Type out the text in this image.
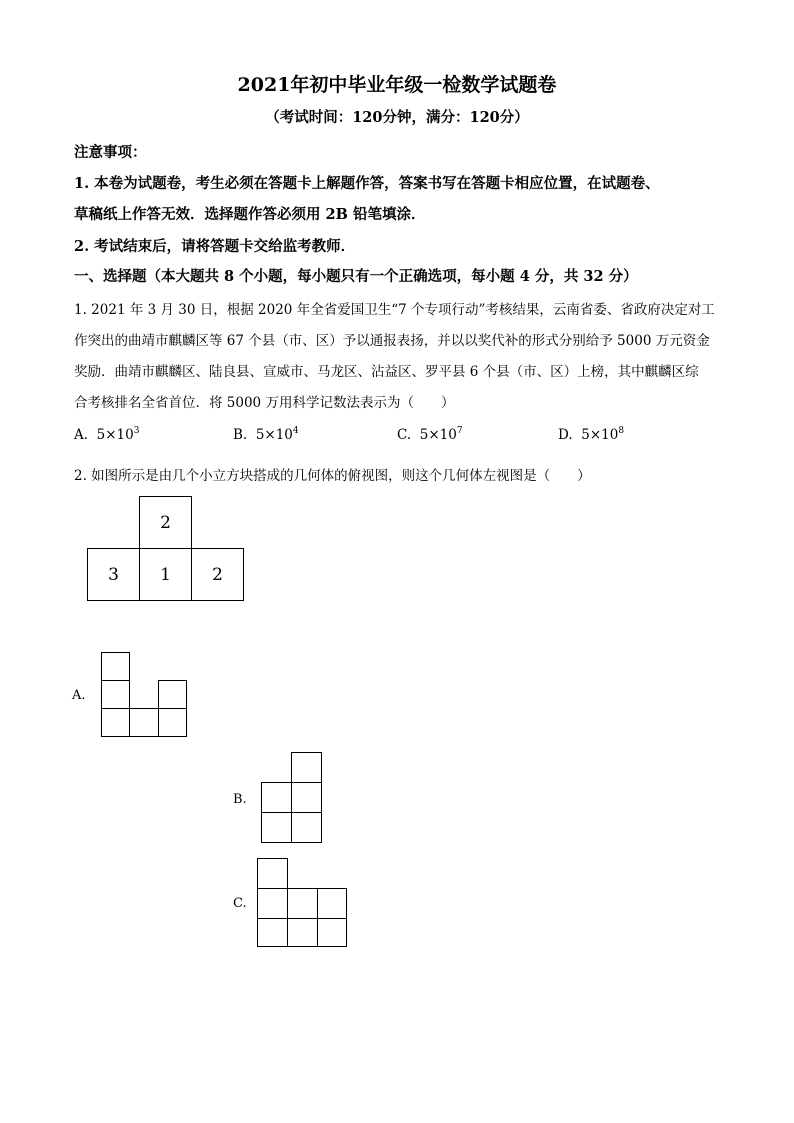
2021年初中毕业年级一检数学试题卷
（考试时间：120分钟，满分：120分）
注意事项：
1. 本卷为试题卷，考生必须在答题卡上解题作答，答案书写在答题卡相应位置，在试题卷、
草稿纸上作答无效．选择题作答必须用 2B 铅笔填涂．
2. 考试结束后，请将答题卡交给监考教师．
一、选择题（本大题共 8 个小题，每小题只有一个正确选项，每小题 4 分，共 32 分）
1. 2021 年 3 月 30 日，根据 2020 年全省爱国卫生“7 个专项行动”考核结果，云南省委、省政府决定对工
作突出的曲靖市麒麟区等 67 个县（市、区）予以通报表扬，并以以奖代补的形式分别给予 5000 万元资金
奖励．曲靖市麒麟区、陆良县、宣威市、马龙区、沾益区、罗平县 6 个县（市、区）上榜，其中麒麟区综
合考核排名全省首位．将 5000 万用科学记数法表示为（　　）
A. $5\times 10^3$	B. $5\times 10^4$	C. $5\times 10^7$	D. $5\times 10^8$
2. 如图所示是由几个小立方块搭成的几何体的俯视图，则这个几何体左视图是（　　）
2
3	1	2
A.
B.
C.
